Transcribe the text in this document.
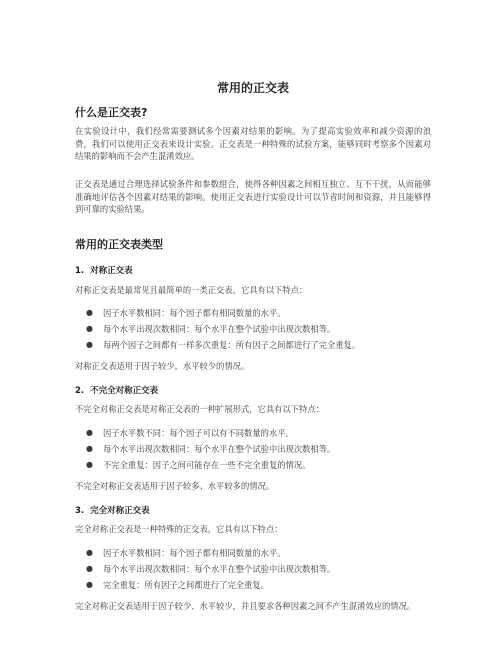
常用的正交表
什么是正交表?
在实验设计中，我们经常需要测试多个因素对结果的影响。为了提高实验效率和减少资源的浪费，我们可以使用正交表来设计实验。正交表是一种特殊的试验方案，能够同时考察多个因素对结果的影响而不会产生混淆效应。
正交表是通过合理选择试验条件和参数组合，使得各种因素之间相互独立、互不干扰，从而能够准确地评估各个因素对结果的影响。使用正交表进行实验设计可以节省时间和资源，并且能够得到可靠的实验结果。
常用的正交表类型
1. 对称正交表
对称正交表是最常见且最简单的一类正交表。它具有以下特点：
● 因子水平数相同：每个因子都有相同数量的水平。
● 每个水平出现次数相同：每个水平在整个试验中出现次数相等。
● 每两个因子之间都有一样多次重复：所有因子之间都进行了完全重复。
对称正交表适用于因子较少，水平较少的情况。
2. 不完全对称正交表
不完全对称正交表是对称正交表的一种扩展形式，它具有以下特点：
● 因子水平数不同：每个因子可以有不同数量的水平。
● 每个水平出现次数相同：每个水平在整个试验中出现次数相等。
● 不完全重复：因子之间可能存在一些不完全重复的情况。
不完全对称正交表适用于因子较多、水平较多的情况。
3. 完全对称正交表
完全对称正交表是一种特殊的正交表，它具有以下特点：
● 因子水平数相同：每个因子都有相同数量的水平。
● 每个水平出现次数相同：每个水平在整个试验中出现次数相等。
● 完全重复：所有因子之间都进行了完全重复。
完全对称正交表适用于因子较少、水平较少，并且要求各种因素之间不产生混淆效应的情况。
